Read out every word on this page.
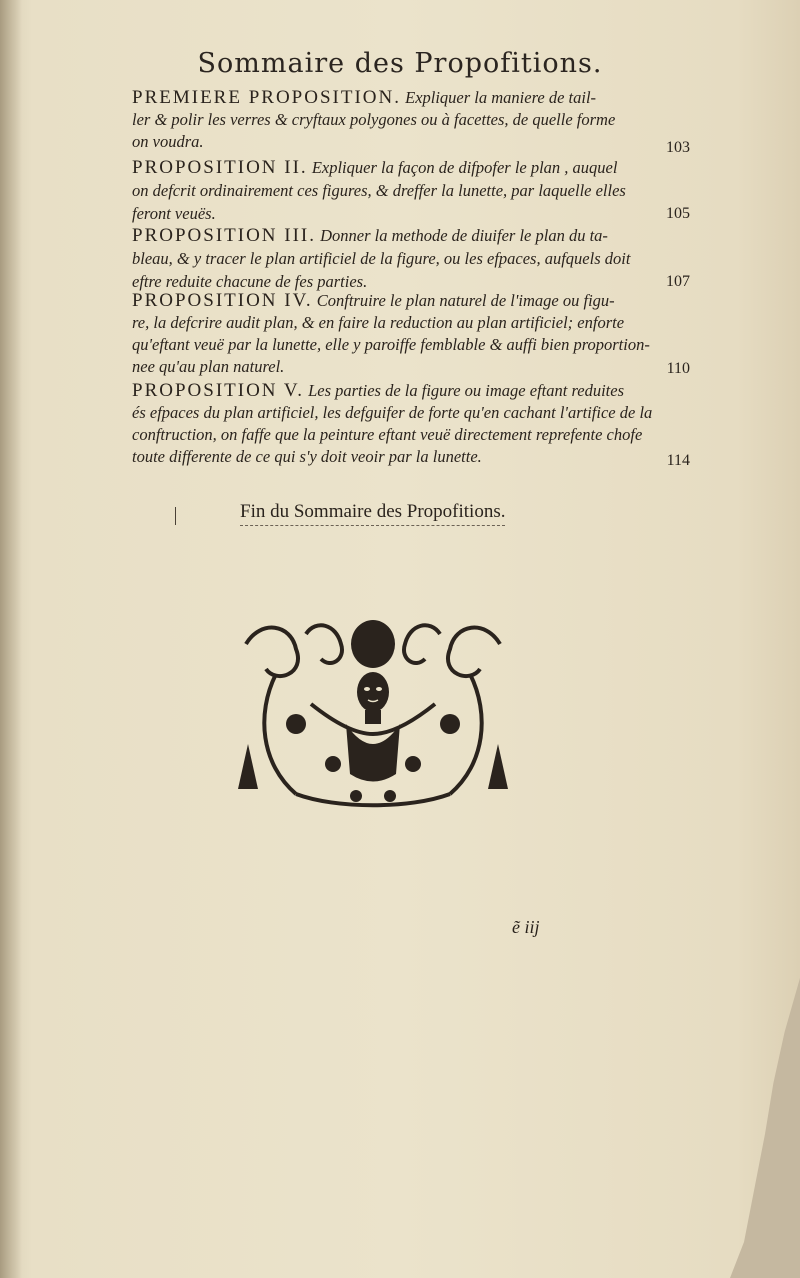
Sommaire des Propofitions.
PREMIERE PROPOSITION. Expliquer la maniere de tail-
ler & polir les verres & cryftaux polygones ou à facettes, de quelle forme
on voudra.	103
PROPOSITION II. Expliquer la façon de difpofer le plan , auquel
on defcrit ordinairement ces figures, & dreffer la lunette, par laquelle elles
feront veuës.	105
PROPOSITION III. Donner la methode de diuifer le plan du ta-
bleau, & y tracer le plan artificiel de la figure, ou les efpaces, aufquels doit
eftre reduite chacune de fes parties.	107
PROPOSITION IV. Conftruire le plan naturel de l'image ou figu-
re, la defcrire audit plan, & en faire la reduction au plan artificiel; enforte
qu'eftant veuë par la lunette, elle y paroiffe femblable & auffi bien proportion-
nee qu'au plan naturel.	110
PROPOSITION V. Les parties de la figure ou image eftant reduites
és efpaces du plan artificiel, les defguifer de forte qu'en cachant l'artifice de la
conftruction, on faffe que la peinture eftant veuë directement reprefente chofe
toute differente de ce qui s'y doit veoir par la lunette.	114
Fin du Sommaire des Propofitions.
ẽ iij
